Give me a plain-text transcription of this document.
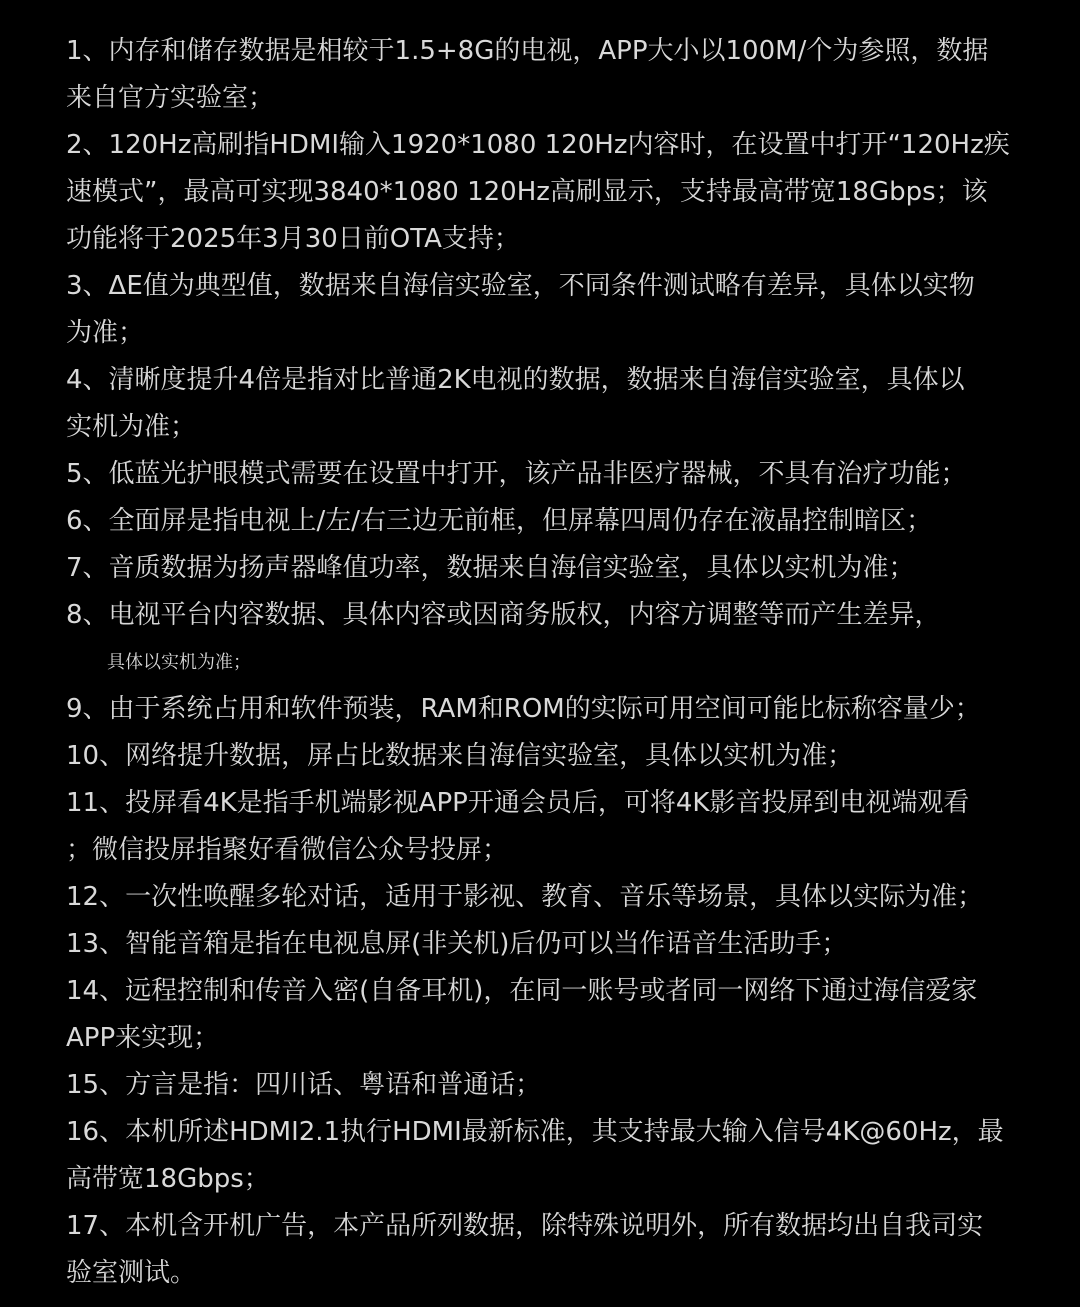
1、内存和储存数据是相较于1.5+8G的电视，APP大小以100M/个为参照，数据
来自官方实验室；

2、120Hz高刷指HDMI输入1920*1080 120Hz内容时，在设置中打开“120Hz疾
速模式”，最高可实现3840*1080 120Hz高刷显示，支持最高带宽18Gbps；该
功能将于2025年3月30日前OTA支持；

3、ΔE值为典型值，数据来自海信实验室，不同条件测试略有差异，具体以实物
为准；

4、清晰度提升4倍是指对比普通2K电视的数据，数据来自海信实验室，具体以
实机为准；

5、低蓝光护眼模式需要在设置中打开，该产品非医疗器械，不具有治疗功能；

6、全面屏是指电视上/左/右三边无前框，但屏幕四周仍存在液晶控制暗区；

7、音质数据为扬声器峰值功率，数据来自海信实验室，具体以实机为准；

8、电视平台内容数据、具体内容或因商务版权，内容方调整等而产生差异，
具体以实机为准；

9、由于系统占用和软件预装，RAM和ROM的实际可用空间可能比标称容量少；

10、网络提升数据，屏占比数据来自海信实验室，具体以实机为准；

11、投屏看4K是指手机端影视APP开通会员后，可将4K影音投屏到电视端观看
；微信投屏指聚好看微信公众号投屏；

12、一次性唤醒多轮对话，适用于影视、教育、音乐等场景，具体以实际为准；

13、智能音箱是指在电视息屏(非关机)后仍可以当作语音生活助手；

14、远程控制和传音入密(自备耳机)，在同一账号或者同一网络下通过海信爱家
APP来实现；

15、方言是指：四川话、粤语和普通话；

16、本机所述HDMI2.1执行HDMI最新标准，其支持最大输入信号4K@60Hz，最
高带宽18Gbps；

17、本机含开机广告，本产品所列数据，除特殊说明外，所有数据均出自我司实
验室测试。
